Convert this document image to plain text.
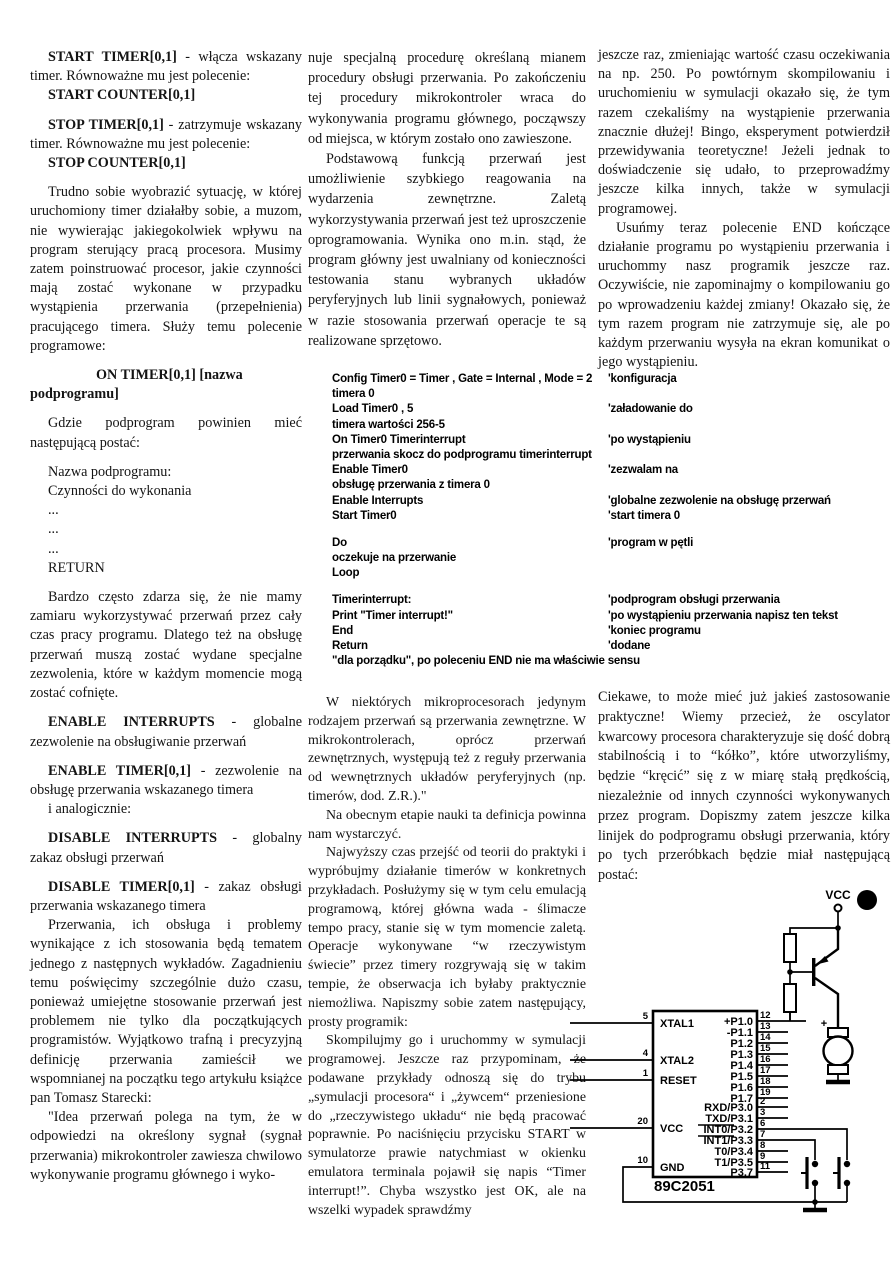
START TIMER[0,1] - włącza wskazany timer. Równoważne mu jest polecenie:

START COUNTER[0,1]

STOP TIMER[0,1] - zatrzymuje wskazany timer. Równoważne mu jest polecenie:

STOP COUNTER[0,1]

Trudno sobie wyobrazić sytuację, w której uruchomiony timer działałby sobie, a muzom, nie wywierając jakiegokolwiek wpływu na program sterujący pracą procesora. Musimy zatem poinstruować procesor, jakie czynności mają zostać wykonane w przypadku wystąpienia przerwania (przepełnienia) pracującego timera. Służy temu polecenie programowe:

ON TIMER[0,1] [nazwa podprogramu]

Gdzie podprogram powinien mieć następującą postać:

Nazwa podprogramu:

Czynności do wykonania

...

...

...

RETURN

Bardzo często zdarza się, że nie mamy zamiaru wykorzystywać przerwań przez cały czas pracy programu. Dlatego też na obsługę przerwań muszą zostać wydane specjalne zezwolenia, które w każdym momencie mogą zostać cofnięte.

ENABLE INTERRUPTS - globalne zezwolenie na obsługiwanie przerwań

ENABLE TIMER[0,1] - zezwolenie na obsługę przerwania wskazanego timera

i analogicznie:

DISABLE INTERRUPTS - globalny zakaz obsługi przerwań

DISABLE TIMER[0,1] - zakaz obsługi przerwania wskazanego timera

Przerwania, ich obsługa i problemy wynikające z ich stosowania będą tematem jednego z następnych wykładów. Zagadnieniu temu poświęcimy szczególnie dużo czasu, ponieważ umiejętne stosowanie przerwań jest problemem nie tylko dla początkujących programistów. Wyjątkowo trafną i precyzyjną definicję przerwania zamieścił we wspomnianej na początku tego artykułu książce pan Tomasz Starecki:

"Idea przerwań polega na tym, że w odpowiedzi na określony sygnał (sygnał przerwania) mikrokontroler zawiesza chwilowo wykonywanie programu głównego i wyko-

nuje specjalną procedurę określaną mianem procedury obsługi przerwania. Po zakończeniu tej procedury mikrokontroler wraca do wykonywania programu głównego, począwszy od miejsca, w którym zostało ono zawieszone.

Podstawową funkcją przerwań jest umożliwienie szybkiego reagowania na wydarzenia zewnętrzne. Zaletą wykorzystywania przerwań jest też uproszczenie oprogramowania. Wynika ono m.in. stąd, że program główny jest uwalniany od konieczności testowania stanu wybranych układów peryferyjnych lub linii sygnałowych, ponieważ w razie stosowania przerwań operacje te są realizowane sprzętowo.

jeszcze raz, zmieniając wartość czasu oczekiwania na np. 250. Po powtórnym skompilowaniu i uruchomieniu w symulacji okazało się, że tym razem czekaliśmy na wystąpienie przerwania znacznie dłużej! Bingo, eksperyment potwierdził przewidywania teoretyczne! Jeżeli jednak to doświadczenie się udało, to przeprowadźmy jeszcze kilka innych, także w symulacji programowej.

Usuńmy teraz polecenie END kończące działanie programu po wystąpieniu przerwania i uruchommy nasz programik jeszcze raz. Oczywiście, nie zapominajmy o kompilowaniu go po wprowadzeniu każdej zmiany! Okazało się, że tym razem program nie zatrzymuje się, ale po każdym przerwaniu wysyła na ekran komunikat o jego wystąpieniu.

Config Timer0 = Timer , Gate = Internal , Mode = 2	'konfiguracja
timera 0
Load Timer0 , 5	'załadowanie do
timera wartości 256-5
On Timer0 Timerinterrupt	'po wystąpieniu
przerwania skocz do podprogramu timerinterrupt
Enable Timer0	'zezwalam na
obsługę przerwania z timera 0
Enable Interrupts	'globalne zezwolenie na obsługę przerwań
Start Timer0	'start timera 0
Do	'program w pętli
oczekuje na przerwanie
Loop
Timerinterrupt:	'podprogram obsługi przerwania
Print "Timer interrupt!"	'po wystąpieniu przerwania napisz ten tekst
End	'koniec programu
Return	'dodane
"dla porządku", po poleceniu END nie ma właściwie sensu

W niektórych mikroprocesorach jedynym rodzajem przerwań są przerwania zewnętrzne. W mikrokontrolerach, oprócz przerwań zewnętrznych, występują też z reguły przerwania od wewnętrznych układów peryferyjnych (np. timerów, dod. Z.R.)."

Na obecnym etapie nauki ta definicja powinna nam wystarczyć.

Najwyższy czas przejść od teorii do praktyki i wypróbujmy działanie timerów w konkretnych przykładach. Posłużymy się w tym celu emulacją programową, której główna wada - ślimacze tempo pracy, stanie się w tym momencie zaletą. Operacje wykonywane “w rzeczywistym świecie” przez timery rozgrywają się w takim tempie, że obserwacja ich byłaby praktycznie niemożliwa. Napiszmy sobie zatem następujący, prosty programik:

Skompilujmy go i uruchommy w symulacji programowej. Jeszcze raz przypominam, że podawane przykłady odnoszą się do trybu „symulacji procesora“ i „żywcem“ przeniesione do „rzeczywistego układu“ nie będą pracować poprawnie. Po naciśnięciu przycisku START w symulatorze prawie natychmiast w okienku emulatora terminala pojawił się napis “Timer interrupt!”. Chyba wszystko jest OK, ale na wszelki wypadek sprawdźmy

Ciekawe, to może mieć już jakieś zastosowanie praktyczne! Wiemy przecież, że oscylator kwarcowy procesora charakteryzuje się dość dobrą stabilnością i to “kółko”, które utworzyliśmy, będzie “kręcić” się z w miarę stałą prędkością, niezależnie od innych czynności wykonywanych przez program. Dopiszmy zatem jeszcze kilka linijek do podprogramu obsługi przerwania, który po tych przeróbkach będzie miał następującą postać:

VCC 10
+
89C2051
5
4
1
20
10
XTAL1
XTAL2
RESET
VCC
GND
12
13
14
15
16
17
18
19
2
3
6
7
8
9
11
+P1.0
-P1.1
P1.2
P1.3
P1.4
P1.5
P1.6
P1.7
RXD/P3.0
TXD/P3.1
INT0/P3.2
INT1/P3.3
T0/P3.4
T1/P3.5
P3.7
